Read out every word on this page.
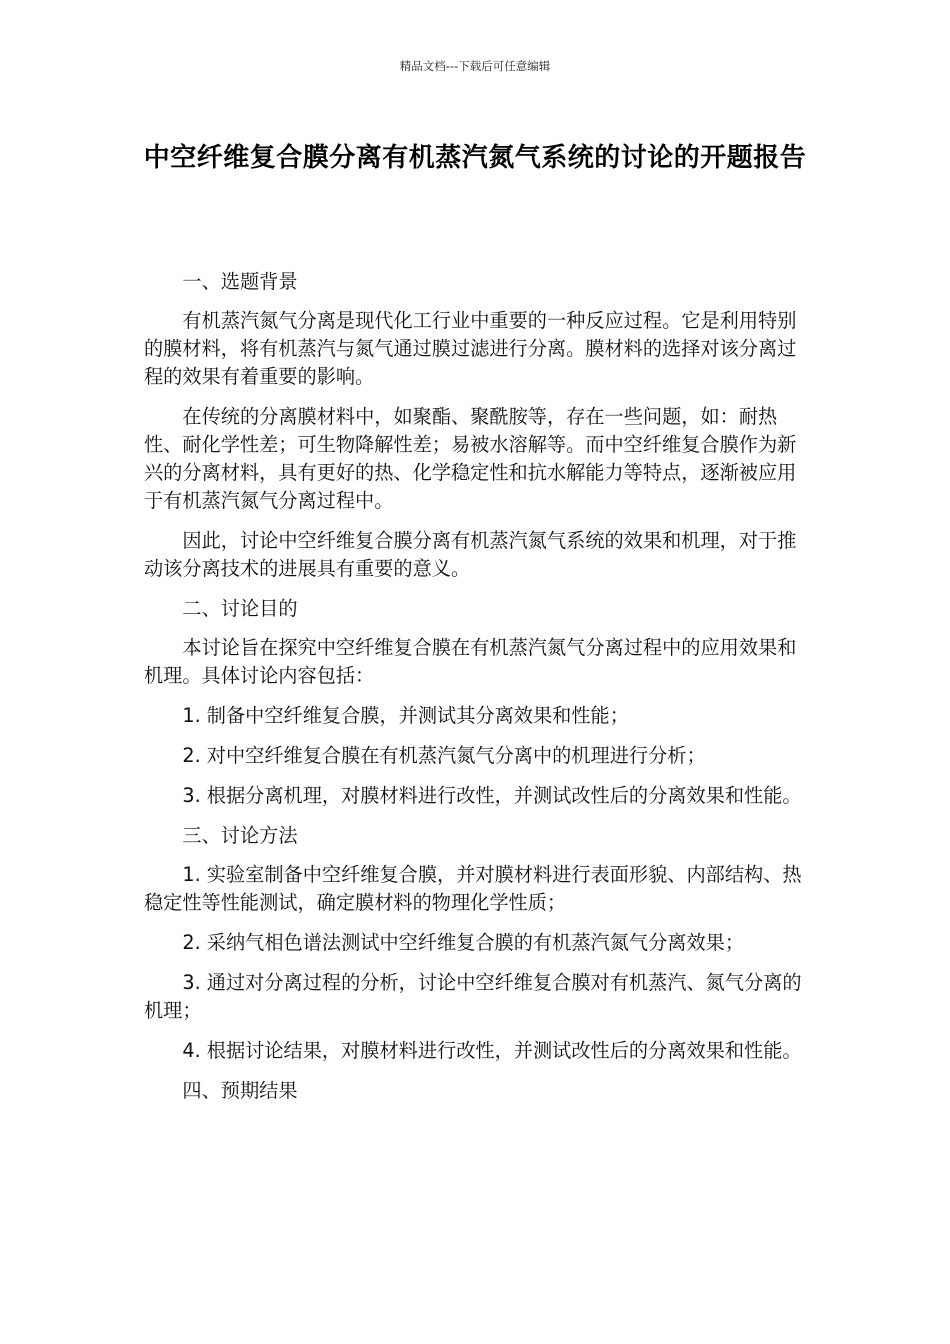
精品文档---下载后可任意编辑
中空纤维复合膜分离有机蒸汽氮气系统的讨论的开题报告

一、选题背景

有机蒸汽氮气分离是现代化工行业中重要的一种反应过程。它是利用特别的膜材料，将有机蒸汽与氮气通过膜过滤进行分离。膜材料的选择对该分离过程的效果有着重要的影响。

在传统的分离膜材料中，如聚酯、聚酰胺等，存在一些问题，如：耐热性、耐化学性差；可生物降解性差；易被水溶解等。而中空纤维复合膜作为新兴的分离材料，具有更好的热、化学稳定性和抗水解能力等特点，逐渐被应用于有机蒸汽氮气分离过程中。

因此，讨论中空纤维复合膜分离有机蒸汽氮气系统的效果和机理，对于推动该分离技术的进展具有重要的意义。

二、讨论目的

本讨论旨在探究中空纤维复合膜在有机蒸汽氮气分离过程中的应用效果和机理。具体讨论内容包括：

1. 制备中空纤维复合膜，并测试其分离效果和性能；

2. 对中空纤维复合膜在有机蒸汽氮气分离中的机理进行分析；

3. 根据分离机理，对膜材料进行改性，并测试改性后的分离效果和性能。

三、讨论方法

1. 实验室制备中空纤维复合膜，并对膜材料进行表面形貌、内部结构、热稳定性等性能测试，确定膜材料的物理化学性质；

2. 采纳气相色谱法测试中空纤维复合膜的有机蒸汽氮气分离效果；

3. 通过对分离过程的分析，讨论中空纤维复合膜对有机蒸汽、氮气分离的机理；

4. 根据讨论结果，对膜材料进行改性，并测试改性后的分离效果和性能。

四、预期结果
